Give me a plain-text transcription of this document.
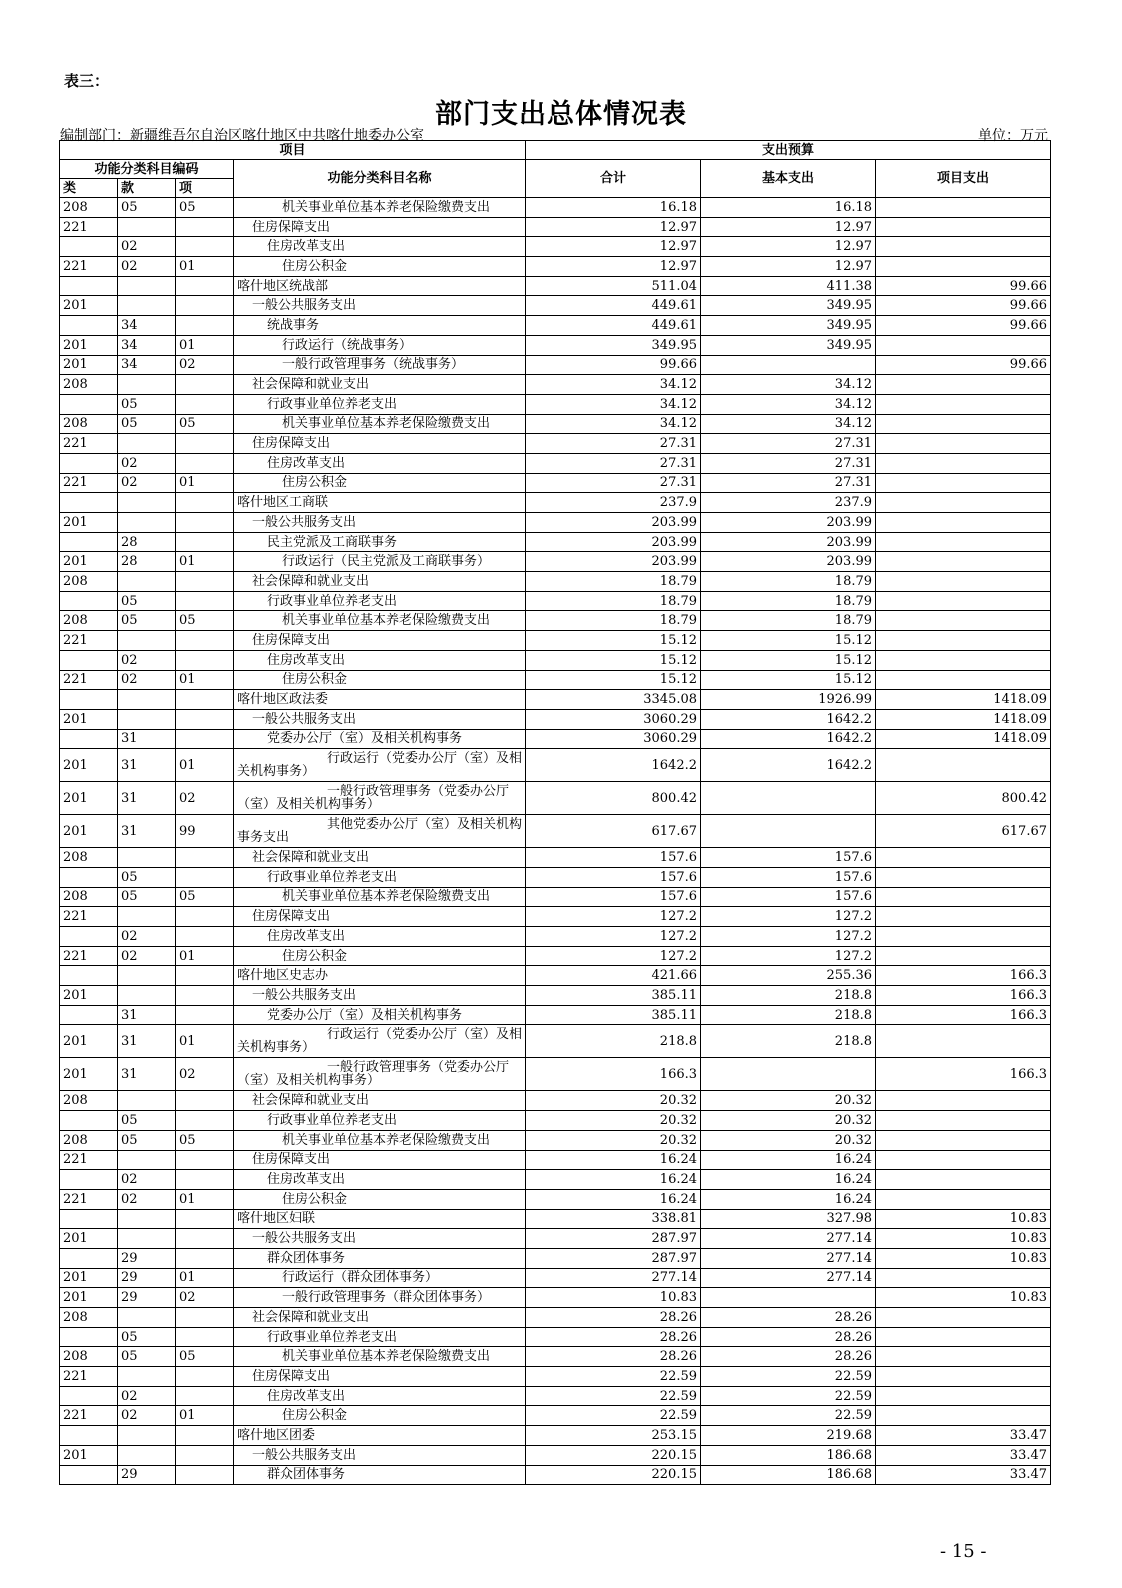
表三：
部门支出总体情况表
编制部门：新疆维吾尔自治区喀什地区中共喀什地委办公室	单位：万元
项目				支出预算		
功能分类科目编码			功能分类科目名称	合计	基本支出	项目支出
类	款	项				
208	05	05	机关事业单位基本养老保险缴费支出	16.18	16.18	
221			住房保障支出	12.97	12.97	
	02		住房改革支出	12.97	12.97	
221	02	01	住房公积金	12.97	12.97	
			喀什地区统战部	511.04	411.38	99.66
201			一般公共服务支出	449.61	349.95	99.66
	34		统战事务	449.61	349.95	99.66
201	34	01	行政运行（统战事务）	349.95	349.95	
201	34	02	一般行政管理事务（统战事务）	99.66		99.66
208			社会保障和就业支出	34.12	34.12	
	05		行政事业单位养老支出	34.12	34.12	
208	05	05	机关事业单位基本养老保险缴费支出	34.12	34.12	
221			住房保障支出	27.31	27.31	
	02		住房改革支出	27.31	27.31	
221	02	01	住房公积金	27.31	27.31	
			喀什地区工商联	237.9	237.9	
201			一般公共服务支出	203.99	203.99	
	28		民主党派及工商联事务	203.99	203.99	
201	28	01	行政运行（民主党派及工商联事务）	203.99	203.99	
208			社会保障和就业支出	18.79	18.79	
	05		行政事业单位养老支出	18.79	18.79	
208	05	05	机关事业单位基本养老保险缴费支出	18.79	18.79	
221			住房保障支出	15.12	15.12	
	02		住房改革支出	15.12	15.12	
221	02	01	住房公积金	15.12	15.12	
			喀什地区政法委	3345.08	1926.99	1418.09
201			一般公共服务支出	3060.29	1642.2	1418.09
	31		党委办公厅（室）及相关机构事务	3060.29	1642.2	1418.09
201	31	01	行政运行（党委办公厅（室）及相关机构事务）	1642.2	1642.2	
201	31	02	一般行政管理事务（党委办公厅（室）及相关机构事务）	800.42		800.42
201	31	99	其他党委办公厅（室）及相关机构事务支出	617.67		617.67
208			社会保障和就业支出	157.6	157.6	
	05		行政事业单位养老支出	157.6	157.6	
208	05	05	机关事业单位基本养老保险缴费支出	157.6	157.6	
221			住房保障支出	127.2	127.2	
	02		住房改革支出	127.2	127.2	
221	02	01	住房公积金	127.2	127.2	
			喀什地区史志办	421.66	255.36	166.3
201			一般公共服务支出	385.11	218.8	166.3
	31		党委办公厅（室）及相关机构事务	385.11	218.8	166.3
201	31	01	行政运行（党委办公厅（室）及相关机构事务）	218.8	218.8	
201	31	02	一般行政管理事务（党委办公厅（室）及相关机构事务）	166.3		166.3
208			社会保障和就业支出	20.32	20.32	
	05		行政事业单位养老支出	20.32	20.32	
208	05	05	机关事业单位基本养老保险缴费支出	20.32	20.32	
221			住房保障支出	16.24	16.24	
	02		住房改革支出	16.24	16.24	
221	02	01	住房公积金	16.24	16.24	
			喀什地区妇联	338.81	327.98	10.83
201			一般公共服务支出	287.97	277.14	10.83
	29		群众团体事务	287.97	277.14	10.83
201	29	01	行政运行（群众团体事务）	277.14	277.14	
201	29	02	一般行政管理事务（群众团体事务）	10.83		10.83
208			社会保障和就业支出	28.26	28.26	
	05		行政事业单位养老支出	28.26	28.26	
208	05	05	机关事业单位基本养老保险缴费支出	28.26	28.26	
221			住房保障支出	22.59	22.59	
	02		住房改革支出	22.59	22.59	
221	02	01	住房公积金	22.59	22.59	
			喀什地区团委	253.15	219.68	33.47
201			一般公共服务支出	220.15	186.68	33.47
	29		群众团体事务	220.15	186.68	33.47
- 15 -
